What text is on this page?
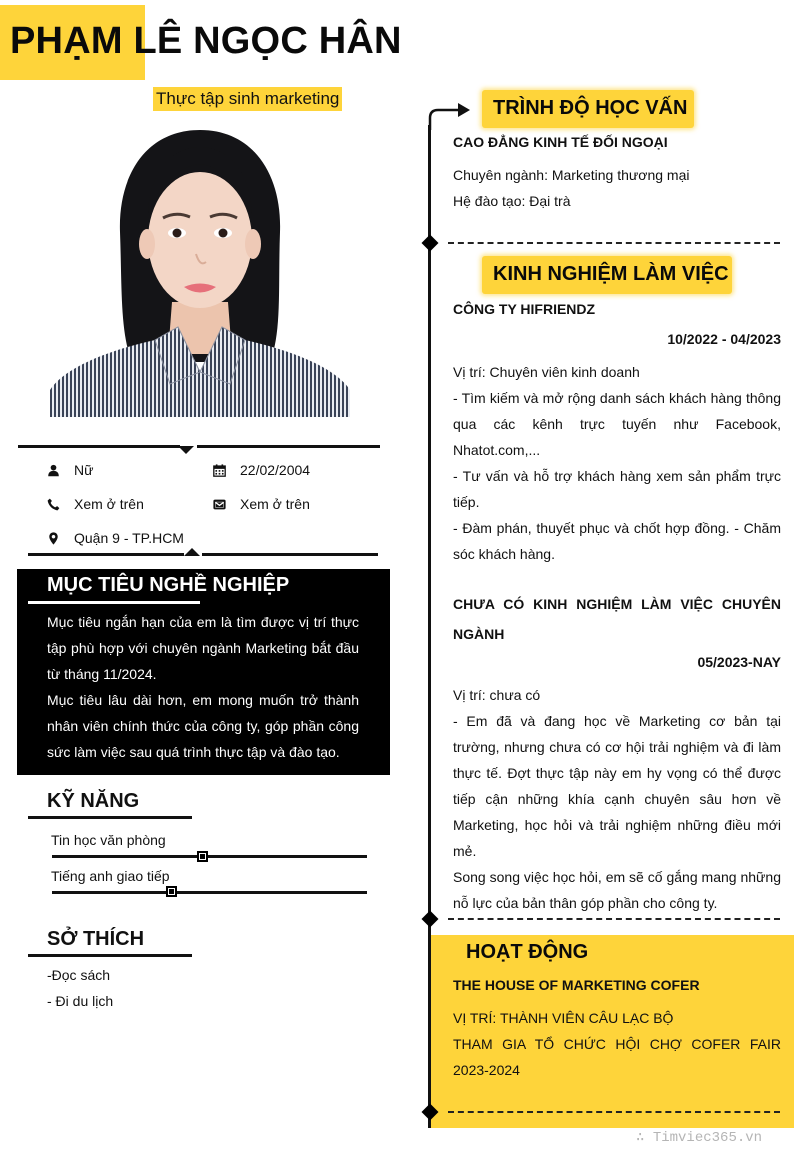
PHẠM LÊ NGỌC HÂN
Thực tập sinh marketing
Nữ	22/02/2004
Xem ở trên	Xem ở trên
Quận 9 - TP.HCM
MỤC TIÊU NGHỀ NGHIỆP

Mục tiêu ngắn hạn của em là tìm được vị trí thực tập phù hợp với chuyên ngành Marketing bắt đầu từ tháng 11/2024.

Mục tiêu lâu dài hơn, em mong muốn trở thành nhân viên chính thức của công ty, góp phần công sức làm việc sau quá trình thực tập và đào tạo.

KỸ NĂNG
Tin học văn phòng
Tiếng anh giao tiếp
SỞ THÍCH
-Đọc sách
- Đi du lịch
TRÌNH ĐỘ HỌC VẤN
CAO ĐẲNG KINH TẾ ĐỐI NGOẠI
Chuyên ngành: Marketing thương mại
Hệ đào tạo: Đại trà
KINH NGHIỆM LÀM VIỆC
CÔNG TY HIFRIENDZ
10/2022 - 04/2023
Vị trí: Chuyên viên kinh doanh
- Tìm kiếm và mở rộng danh sách khách hàng thông qua các kênh trực tuyến như Facebook, Nhatot.com,...
- Tư vấn và hỗ trợ khách hàng xem sản phẩm trực tiếp.
- Đàm phán, thuyết phục và chốt hợp đồng. - Chăm sóc khách hàng.
CHƯA CÓ KINH NGHIỆM LÀM VIỆC CHUYÊN NGÀNH
05/2023-NAY
Vị trí: chưa có
- Em đã và đang học về Marketing cơ bản tại trường, nhưng chưa có cơ hội trải nghiệm và đi làm thực tế. Đợt thực tập này em hy vọng có thể được tiếp cận những khía cạnh chuyên sâu hơn về Marketing, học hỏi và trải nghiệm những điều mới mẻ.
Song song việc học hỏi, em sẽ cố gắng mang những nỗ lực của bản thân góp phần cho công ty.
HOẠT ĐỘNG
THE HOUSE OF MARKETING COFER
VỊ TRÍ: THÀNH VIÊN CÂU LẠC BỘ
THAM GIA TỔ CHỨC HỘI CHỢ COFER FAIR 2023-2024
∴ Timviec365.vn
